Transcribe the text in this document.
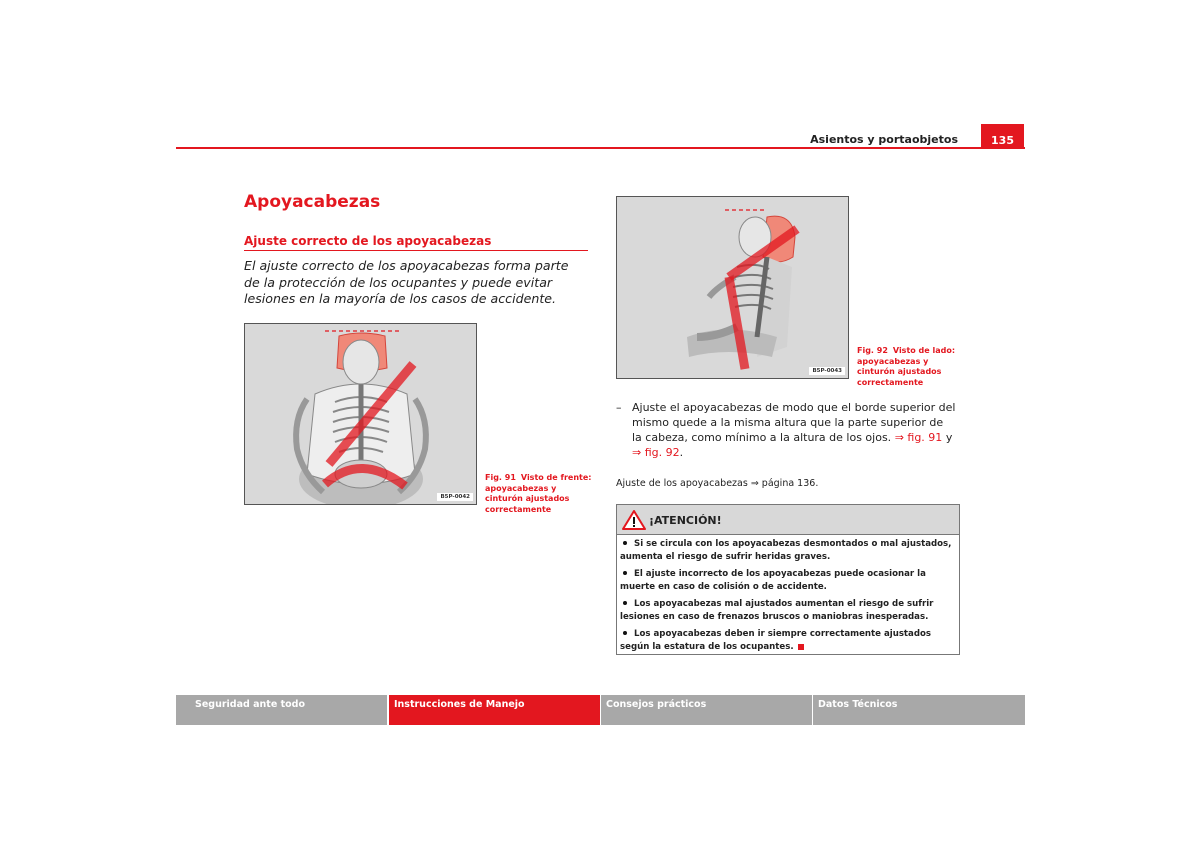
Asientos y portaobjetos	135
Apoyacabezas
Ajuste correcto de los apoyacabezas
El ajuste correcto de los apoyacabezas forma parte de la protección de los ocupantes y puede evitar lesiones en la mayoría de los casos de accidente.
B5P-0042
Fig. 91 Visto de frente: apoyacabezas y cinturón ajustados correctamente
B5P-0043
Fig. 92 Visto de lado: apoyacabezas y cinturón ajustados correctamente
– Ajuste el apoyacabezas de modo que el borde superior del mismo quede a la misma altura que la parte superior de la cabeza, como mínimo a la altura de los ojos. ⇒ fig. 91 y ⇒ fig. 92.
Ajuste de los apoyacabezas ⇒ página 136.
¡ATENCIÓN!
Si se circula con los apoyacabezas desmontados o mal ajustados, aumenta el riesgo de sufrir heridas graves.
El ajuste incorrecto de los apoyacabezas puede ocasionar la muerte en caso de colisión o de accidente.
Los apoyacabezas mal ajustados aumentan el riesgo de sufrir lesiones en caso de frenazos bruscos o maniobras inesperadas.
Los apoyacabezas deben ir siempre correctamente ajustados según la estatura de los ocupantes.
Seguridad ante todo	Instrucciones de Manejo	Consejos prácticos	Datos Técnicos
